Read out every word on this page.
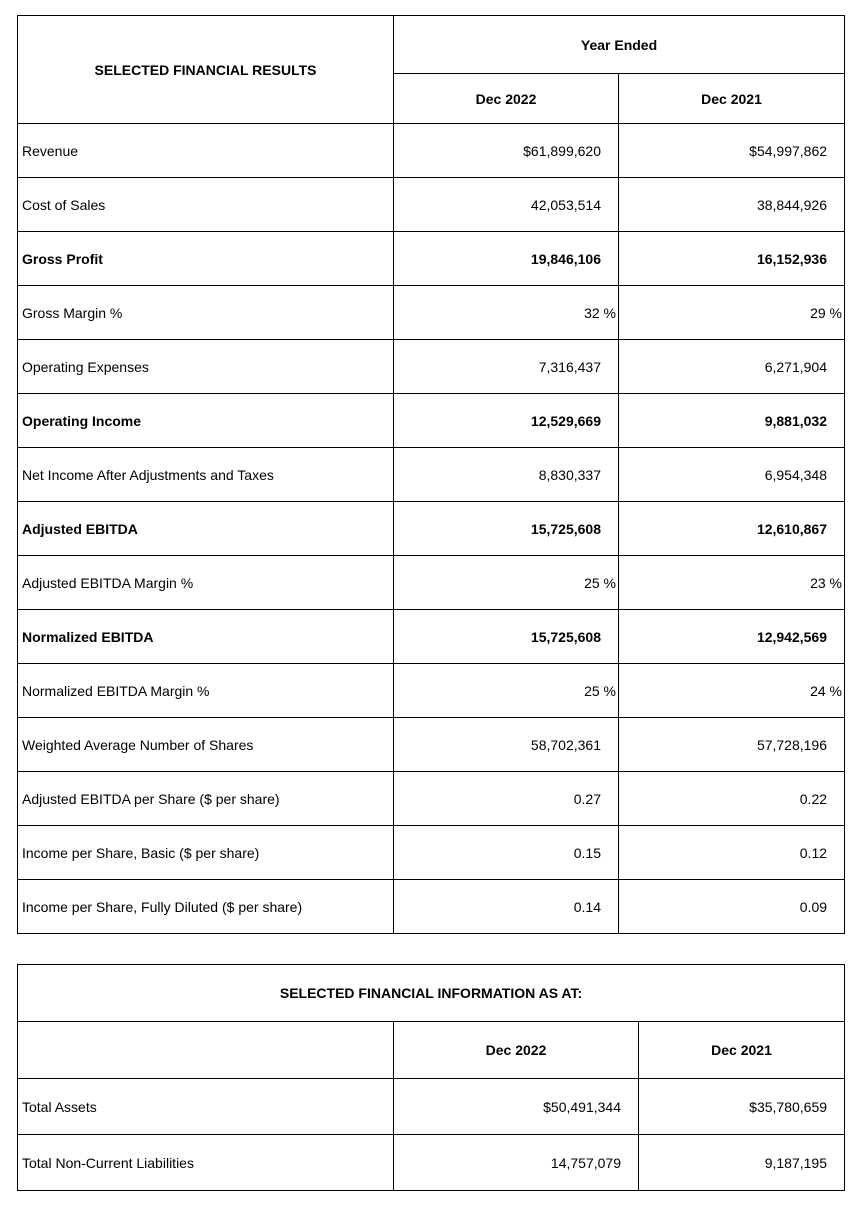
SELECTED FINANCIAL RESULTS	Year Ended	
	Dec 2022	Dec 2021
Revenue	$61,899,620	$54,997,862
Cost of Sales	42,053,514	38,844,926
Gross Profit	19,846,106	16,152,936
Gross Margin %	32 %	29 %
Operating Expenses	7,316,437	6,271,904
Operating Income	12,529,669	9,881,032
Net Income After Adjustments and Taxes	8,830,337	6,954,348
Adjusted EBITDA	15,725,608	12,610,867
Adjusted EBITDA Margin %	25 %	23 %
Normalized EBITDA	15,725,608	12,942,569
Normalized EBITDA Margin %	25 %	24 %
Weighted Average Number of Shares	58,702,361	57,728,196
Adjusted EBITDA per Share ($ per share)	0.27	0.22
Income per Share, Basic ($ per share)	0.15	0.12
Income per Share, Fully Diluted ($ per share)	0.14	0.09
SELECTED FINANCIAL INFORMATION AS AT:		
	Dec 2022	Dec 2021
Total Assets	$50,491,344	$35,780,659
Total Non-Current Liabilities	14,757,079	9,187,195
